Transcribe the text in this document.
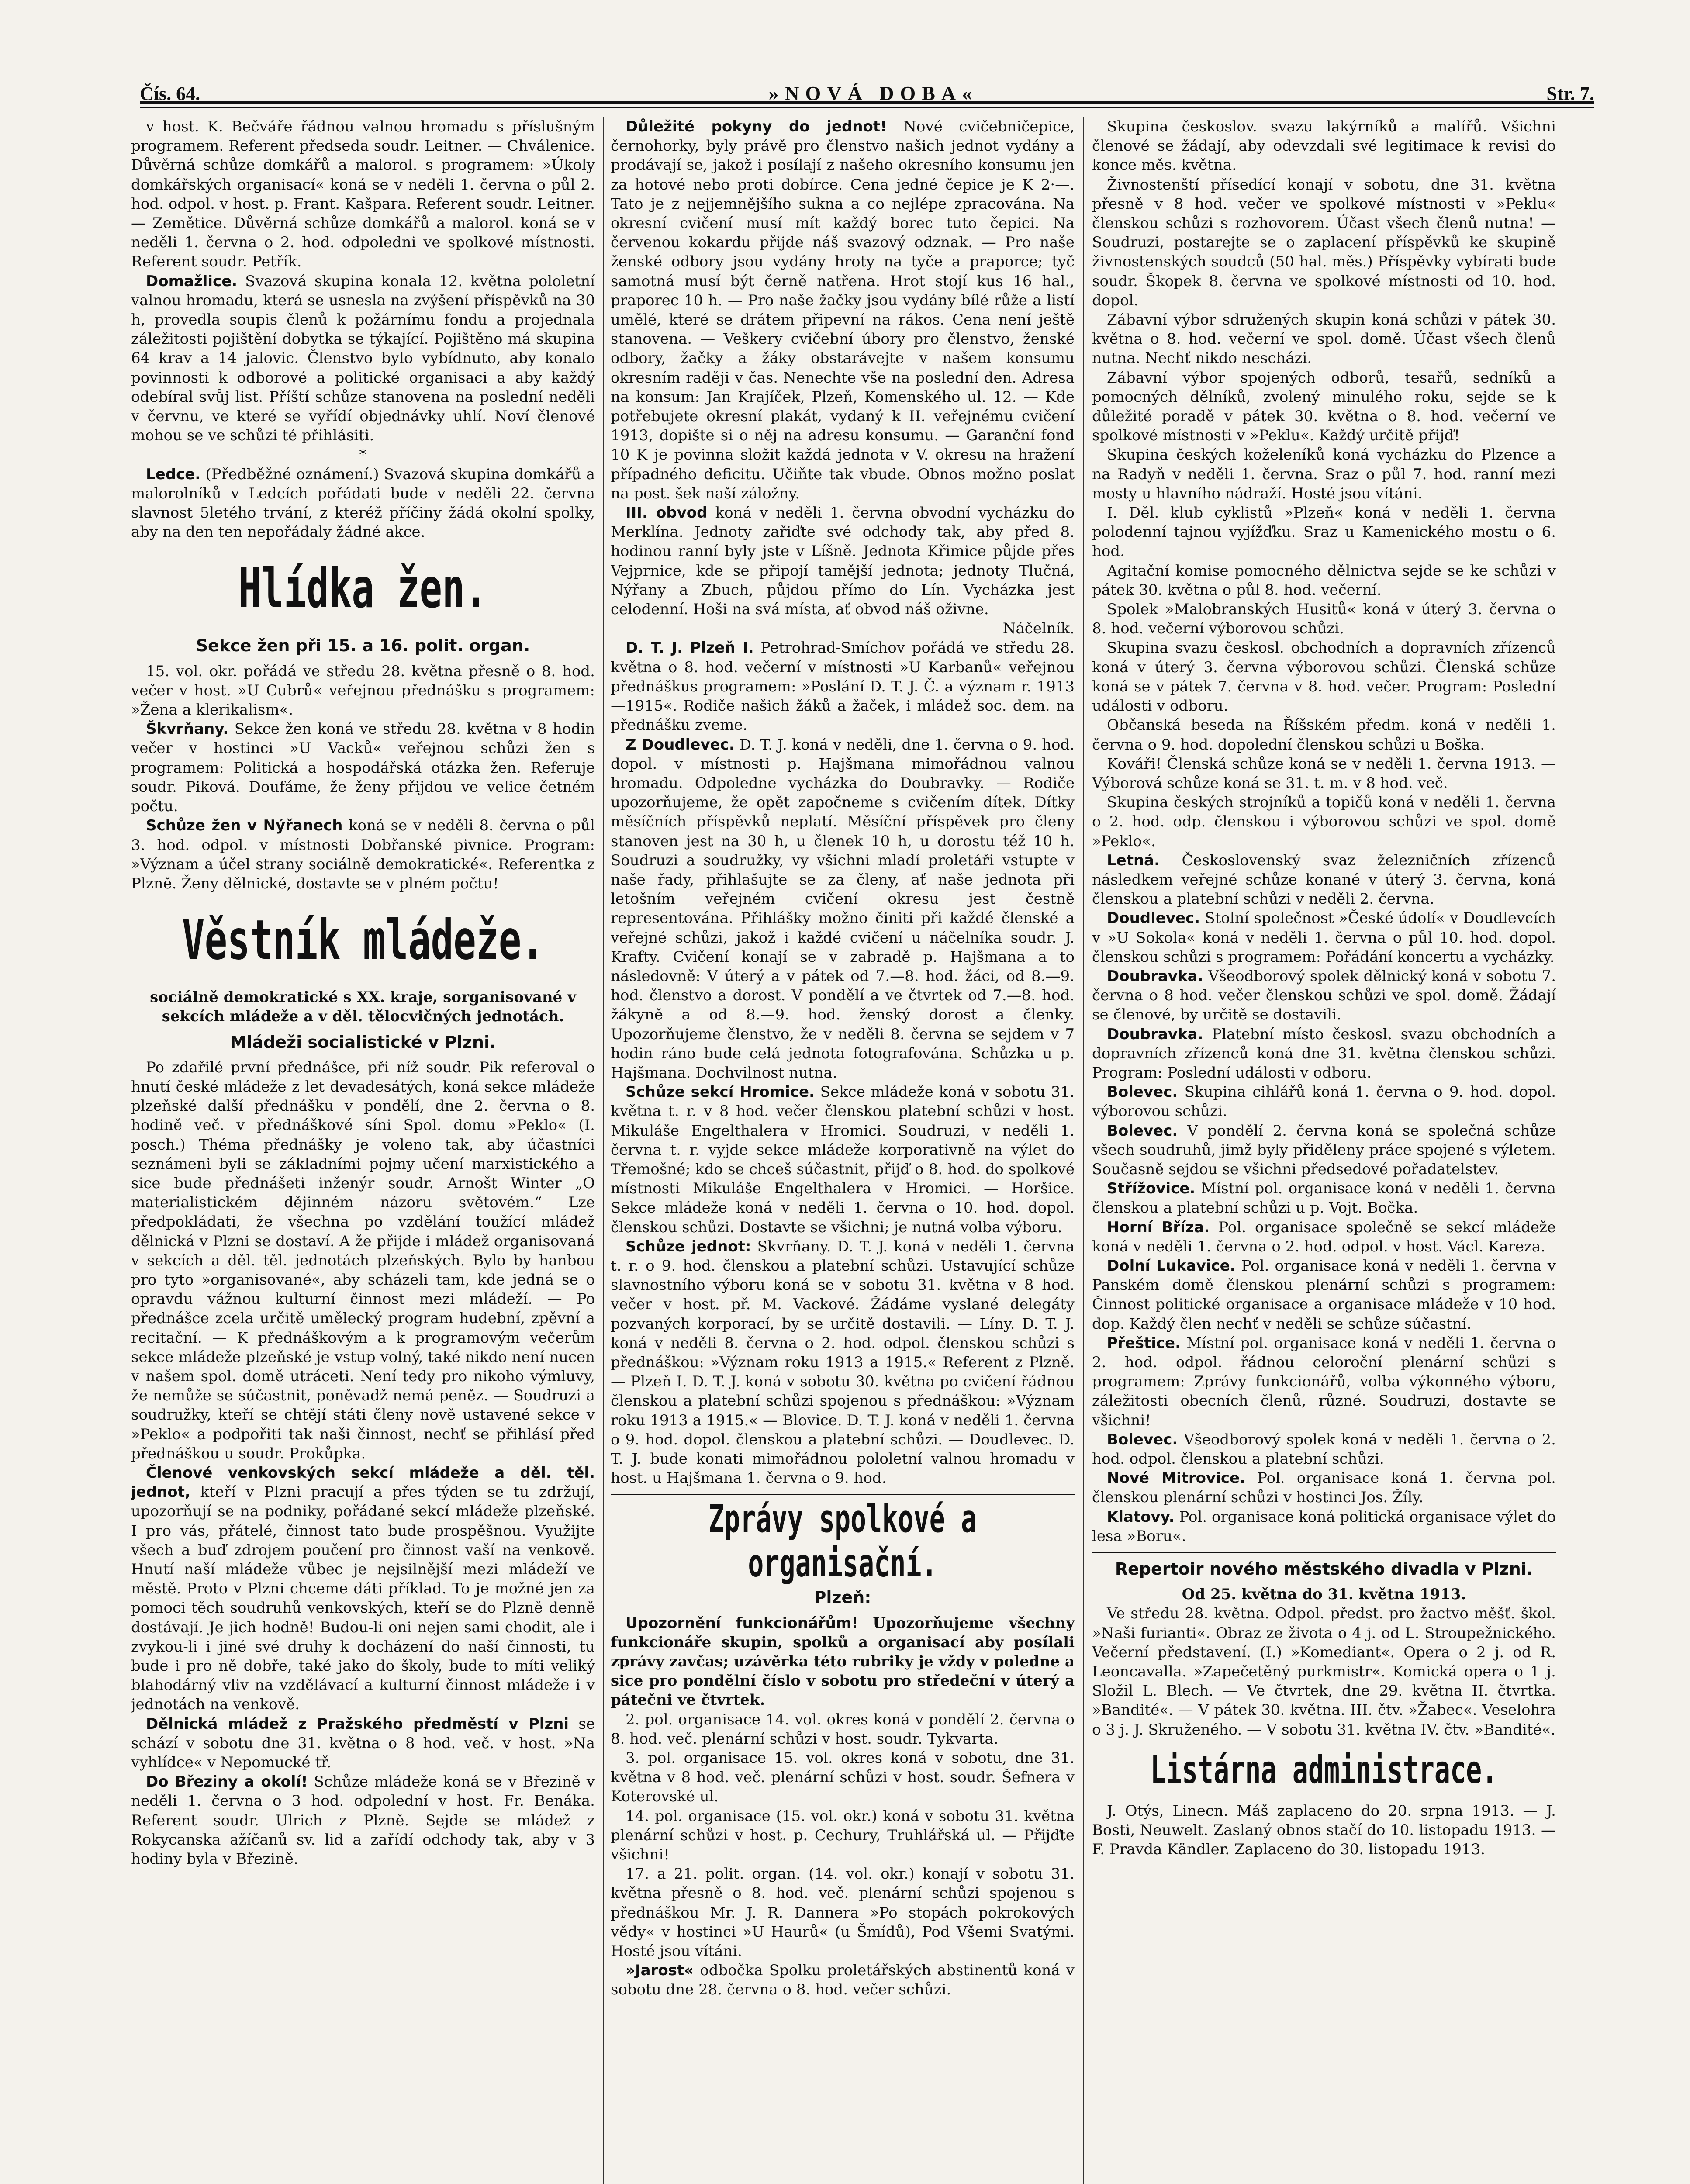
Čís. 64.	»NOVÁ DOBA«	Str. 7.

v host. K. Bečváře řádnou valnou hromadu s příslušným programem. Referent předseda soudr. Leitner. — Chválenice. Důvěrná schůze domkářů a malorol. s programem: »Úkoly domkářských organisací« koná se v neděli 1. června o půl 2. hod. odpol. v host. p. Frant. Kašpara. Referent soudr. Leitner. — Zemětice. Důvěrná schůze domkářů a malorol. koná se v neděli 1. června o 2. hod. odpoledni ve spolkové místnosti. Referent soudr. Petřík.

Domažlice. Svazová skupina konala 12. května pololetní valnou hromadu, která se usnesla na zvýšení příspěvků na 30 h, provedla soupis členů k požárnímu fondu a projednala záležitosti pojištění dobytka se týkající. Pojištěno má skupina 64 krav a 14 jalovic. Členstvo bylo vybídnuto, aby konalo povinnosti k odborové a politické organisaci a aby každý odebíral svůj list. Příští schůze stanovena na poslední neděli v červnu, ve které se vyřídí objednávky uhlí. Noví členové mohou se ve schůzi té přihlásiti.

*

Ledce. (Předběžné oznámení.) Svazová skupina domkářů a malorolníků v Ledcích pořádati bude v neděli 22. června slavnost 5letého trvání, z kteréž příčiny žádá okolní spolky, aby na den ten nepořádaly žádné akce.

Hlídka žen.

Sekce žen při 15. a 16. polit. organ.

15. vol. okr. pořádá ve středu 28. května přesně o 8. hod. večer v host. »U Cubrů« veřejnou přednášku s programem: »Žena a klerikalism«.

Škvrňany. Sekce žen koná ve středu 28. května v 8 hodin večer v hostinci »U Vacků« veřejnou schůzi žen s programem: Politická a hospodářská otázka žen. Referuje soudr. Piková. Doufáme, že ženy přijdou ve velice četném počtu.

Schůze žen v Nýřanech koná se v neděli 8. června o půl 3. hod. odpol. v místnosti Dobřanské pivnice. Program: »Význam a účel strany sociálně demokratické«. Referentka z Plzně. Ženy dělnické, dostavte se v plném počtu!

Věstník mládeže.

sociálně demokratické s XX. kraje, sorganisované v sekcích mládeže a v děl. tělocvičných jednotách.

Mládeži socialistické v Plzni.

Po zdařilé první přednášce, při níž soudr. Pik referoval o hnutí české mládeže z let devadesátých, koná sekce mládeže plzeňské další přednášku v pondělí, dne 2. června o 8. hodině več. v přednáškové síni Spol. domu »Peklo« (I. posch.) Théma přednášky je voleno tak, aby účastníci seznámeni byli se základními pojmy učení marxistického a sice bude přednášeti inženýr soudr. Arnošt Winter „O materialistickém dějinném názoru světovém.“ Lze předpokládati, že všechna po vzdělání toužící mládež dělnická v Plzni se dostaví. A že přijde i mládež organisovaná v sekcích a děl. těl. jednotách plzeňských. Bylo by hanbou pro tyto »organisované«, aby scházeli tam, kde jedná se o opravdu vážnou kulturní činnost mezi mládeží. — Po přednášce zcela určitě umělecký program hudební, zpěvní a recitační. — K přednáškovým a k programovým večerům sekce mládeže plzeňské je vstup volný, také nikdo není nucen v našem spol. domě utráceti. Není tedy pro nikoho výmluvy, že nemůže se súčastnit, poněvadž nemá peněz. — Soudruzi a soudružky, kteří se chtějí státi členy nově ustavené sekce v »Peklo« a podpořiti tak naši činnost, nechť se přihlásí před přednáškou u soudr. Prokůpka.

Členové venkovských sekcí mládeže a děl. těl. jednot, kteří v Plzni pracují a přes týden se tu zdržují, upozorňují se na podniky, pořádané sekcí mládeže plzeňské. I pro vás, přátelé, činnost tato bude prospěšnou. Využijte všech a buď zdrojem poučení pro činnost vaší na venkově. Hnutí naší mládeže vůbec je nejsilnější mezi mládeží ve městě. Proto v Plzni chceme dáti příklad. To je možné jen za pomoci těch soudruhů venkovských, kteří se do Plzně denně dostávají. Je jich hodně! Budou-li oni nejen sami chodit, ale i zvykou-li i jiné své druhy k docházení do naší činnosti, tu bude i pro ně dobře, také jako do školy, bude to míti veliký blahodárný vliv na vzdělávací a kulturní činnost mládeže i v jednotách na venkově.

Dělnická mládež z Pražského předměstí v Plzni se schází v sobotu dne 31. května o 8 hod. več. v host. »Na vyhlídce« v Nepomucké tř.

Do Březiny a okolí! Schůze mládeže koná se v Březině v neděli 1. června o 3 hod. odpolední v host. Fr. Benáka. Referent soudr. Ulrich z Plzně. Sejde se mládež z Rokycanska ažíčanů sv. lid a zařídí odchody tak, aby v 3 hodiny byla v Březině.

Důležité pokyny do jednot! Nové cvičebničepice, černohorky, byly právě pro členstvo našich jednot vydány a prodávají se, jakož i posílají z našeho okresního konsumu jen za hotové nebo proti dobírce. Cena jedné čepice je K 2·—. Tato je z nejjemnějšího sukna a co nejlépe zpracována. Na okresní cvičení musí mít každý borec tuto čepici. Na červenou kokardu přijde náš svazový odznak. — Pro naše ženské odbory jsou vydány hroty na tyče a praporce; tyč samotná musí být černě natřena. Hrot stojí kus 16 hal., praporec 10 h. — Pro naše žačky jsou vydány bílé růže a listí umělé, které se drátem připevní na rákos. Cena není ještě stanovena. — Veškery cvičební úbory pro členstvo, ženské odbory, žačky a žáky obstarávejte v našem konsumu okresním raději v čas. Nenechte vše na poslední den. Adresa na konsum: Jan Krajíček, Plzeň, Komenského ul. 12. — Kde potřebujete okresní plakát, vydaný k II. veřejnému cvičení 1913, dopište si o něj na adresu konsumu. — Garanční fond 10 K je povinna složit každá jednota v V. okresu na hražení případného deficitu. Učiňte tak vbude. Obnos možno poslat na post. šek naší záložny.

III. obvod koná v neděli 1. června obvodní vycházku do Merklína. Jednoty zařiďte své odchody tak, aby před 8. hodinou ranní byly jste v Líšně. Jednota Křimice půjde přes Vejprnice, kde se připojí tamější jednota; jednoty Tlučná, Nýřany a Zbuch, půjdou přímo do Lín. Vycházka jest celodenní. Hoši na svá místa, ať obvod náš oživne.

Náčelník.

D. T. J. Plzeň I. Petrohrad-Smíchov pořádá ve středu 28. května o 8. hod. večerní v místnosti »U Karbanů« veřejnou přednáškus programem: »Poslání D. T. J. Č. a význam r. 1913—1915«. Rodiče našich žáků a žaček, i mládež soc. dem. na přednášku zveme.

Z Doudlevec. D. T. J. koná v neděli, dne 1. června o 9. hod. dopol. v místnosti p. Hajšmana mimořádnou valnou hromadu. Odpoledne vycházka do Doubravky. — Rodiče upozorňujeme, že opět započneme s cvičením dítek. Dítky měsíčních příspěvků neplatí. Měsíční příspěvek pro členy stanoven jest na 30 h, u členek 10 h, u dorostu též 10 h. Soudruzi a soudružky, vy všichni mladí proletáři vstupte v naše řady, přihlašujte se za členy, ať naše jednota při letošním veřejném cvičení okresu jest čestně representována. Přihlášky možno činiti při každé členské a veřejné schůzi, jakož i každé cvičení u náčelníka soudr. J. Krafty. Cvičení konají se v zabradě p. Hajšmana a to následovně: V úterý a v pátek od 7.—8. hod. žáci, od 8.—9. hod. členstvo a dorost. V pondělí a ve čtvrtek od 7.—8. hod. žákyně a od 8.—9. hod. ženský dorost a členky. Upozorňujeme členstvo, že v neděli 8. června se sejdem v 7 hodin ráno bude celá jednota fotografována. Schůzka u p. Hajšmana. Dochvilnost nutna.

Schůze sekcí Hromice. Sekce mládeže koná v sobotu 31. května t. r. v 8 hod. večer členskou platební schůzi v host. Mikuláše Engelthalera v Hromici. Soudruzi, v neděli 1. června t. r. vyjde sekce mládeže korporativně na výlet do Třemošné; kdo se chceš súčastnit, přijď o 8. hod. do spolkové místnosti Mikuláše Engelthalera v Hromici. — Horšice. Sekce mládeže koná v neděli 1. června o 10. hod. dopol. členskou schůzi. Dostavte se všichni; je nutná volba výboru.

Schůze jednot: Skvrňany. D. T. J. koná v neděli 1. června t. r. o 9. hod. členskou a platební schůzi. Ustavující schůze slavnostního výboru koná se v sobotu 31. května v 8 hod. večer v host. př. M. Vackové. Žádáme vyslané delegáty pozvaných korporací, by se určitě dostavili. — Líny. D. T. J. koná v neděli 8. června o 2. hod. odpol. členskou schůzi s přednáškou: »Význam roku 1913 a 1915.« Referent z Plzně. — Plzeň I. D. T. J. koná v sobotu 30. května po cvičení řádnou členskou a platební schůzi spojenou s přednáškou: »Význam roku 1913 a 1915.« — Blovice. D. T. J. koná v neděli 1. června o 9. hod. dopol. členskou a platební schůzi. — Doudlevec. D. T. J. bude konati mimořádnou pololetní valnou hromadu v host. u Hajšmana 1. června o 9. hod.

Zprávy spolkové a organisační.

Plzeň:

Upozornění funkcionářům! Upozorňujeme všechny funkcionáře skupin, spolků a organisací aby posílali zprávy zavčas; uzávěrka této rubriky je vždy v poledne a sice pro pondělní číslo v sobotu pro středeční v úterý a pátečni ve čtvrtek.

2. pol. organisace 14. vol. okres koná v pondělí 2. června o 8. hod. več. plenární schůzi v host. soudr. Tykvarta.

3. pol. organisace 15. vol. okres koná v sobotu, dne 31. května v 8 hod. več. plenární schůzi v host. soudr. Šefnera v Koterovské ul.

14. pol. organisace (15. vol. okr.) koná v sobotu 31. května plenární schůzi v host. p. Cechury, Truhlářská ul. — Přijďte všichni!

17. a 21. polit. organ. (14. vol. okr.) konají v sobotu 31. května přesně o 8. hod. več. plenární schůzi spojenou s přednáškou Mr. J. R. Dannera »Po stopách pokrokových vědy« v hostinci »U Haurů« (u Šmídů), Pod Všemi Svatými. Hosté jsou vítáni.

»Jarost« odbočka Spolku proletářských abstinentů koná v sobotu dne 28. června o 8. hod. večer schůzi.

Skupina českoslov. svazu lakýrníků a malířů. Všichni členové se žádají, aby odevzdali své legitimace k revisi do konce měs. května.

Živnostenští přísedící konají v sobotu, dne 31. května přesně v 8 hod. večer ve spolkové místnosti v »Peklu« členskou schůzi s rozhovorem. Účast všech členů nutna! — Soudruzi, postarejte se o zaplacení příspěvků ke skupině živnostenských soudců (50 hal. měs.) Příspěvky vybírati bude soudr. Škopek 8. června ve spolkové místnosti od 10. hod. dopol.

Zábavní výbor sdružených skupin koná schůzi v pátek 30. května o 8. hod. večerní ve spol. domě. Účast všech členů nutna. Nechť nikdo nescházi.

Zábavní výbor spojených odborů, tesařů, sedníků a pomocných dělníků, zvolený minulého roku, sejde se k důležité poradě v pátek 30. května o 8. hod. večerní ve spolkové místnosti v »Peklu«. Každý určitě přijď!

Skupina českých koželeníků koná vycházku do Plzence a na Radyň v neděli 1. června. Sraz o půl 7. hod. ranní mezi mosty u hlavního nádraží. Hosté jsou vítáni.

I. Děl. klub cyklistů »Plzeň« koná v neděli 1. června polodenní tajnou vyjížďku. Sraz u Kamenického mostu o 6. hod.

Agitační komise pomocného dělnictva sejde se ke schůzi v pátek 30. května o půl 8. hod. večerní.

Spolek »Malobranských Husitů« koná v úterý 3. června o 8. hod. večerní výborovou schůzi.

Skupina svazu českosl. obchodních a dopravních zřízenců koná v úterý 3. června výborovou schůzi. Členská schůze koná se v pátek 7. června v 8. hod. večer. Program: Poslední události v odboru.

Občanská beseda na Říšském předm. koná v neděli 1. června o 9. hod. dopolední členskou schůzi u Boška.

Kováři! Členská schůze koná se v neděli 1. června 1913. — Výborová schůze koná se 31. t. m. v 8 hod. več.

Skupina českých strojníků a topičů koná v neděli 1. června o 2. hod. odp. členskou i výborovou schůzi ve spol. domě »Peklo«.

Letná. Československý svaz železničních zřízenců následkem veřejné schůze konané v úterý 3. června, koná členskou a platební schůzi v neděli 2. června.

Doudlevec. Stolní společnost »České údolí« v Doudlevcích v »U Sokola« koná v neděli 1. června o půl 10. hod. dopol. členskou schůzi s programem: Pořádání koncertu a vycházky.

Doubravka. Všeodborový spolek dělnický koná v sobotu 7. června o 8 hod. večer členskou schůzi ve spol. domě. Žádají se členové, by určitě se dostavili.

Doubravka. Platební místo českosl. svazu obchodních a dopravních zřízenců koná dne 31. května členskou schůzi. Program: Poslední události v odboru.

Bolevec. Skupina cihlářů koná 1. června o 9. hod. dopol. výborovou schůzi.

Bolevec. V pondělí 2. června koná se společná schůze všech soudruhů, jimž byly přiděleny práce spojené s výletem. Současně sejdou se všichni předsedové pořadatelstev.

Střížovice. Místní pol. organisace koná v neděli 1. června členskou a platební schůzi u p. Vojt. Bočka.

Horní Bříza. Pol. organisace společně se sekcí mládeže koná v neděli 1. června o 2. hod. odpol. v host. Václ. Kareza.

Dolní Lukavice. Pol. organisace koná v neděli 1. června v Panském domě členskou plenární schůzi s programem: Činnost politické organisace a organisace mládeže v 10 hod. dop. Každý člen nechť v neděli se schůze súčastní.

Přeštice. Místní pol. organisace koná v neděli 1. června o 2. hod. odpol. řádnou celoroční plenární schůzi s programem: Zprávy funkcionářů, volba výkonného výboru, záležitosti obecních členů, různé. Soudruzi, dostavte se všichni!

Bolevec. Všeodborový spolek koná v neděli 1. června o 2. hod. odpol. členskou a platební schůzi.

Nové Mitrovice. Pol. organisace koná 1. června pol. členskou plenární schůzi v hostinci Jos. Žíly.

Klatovy. Pol. organisace koná politická organisace výlet do lesa »Boru«.

Repertoir nového městského divadla v Plzni.

Od 25. května do 31. května 1913.

Ve středu 28. května. Odpol. předst. pro žactvo měšť. škol. »Naši furianti«. Obraz ze života o 4 j. od L. Stroupežnického. Večerní představení. (I.) »Komediant«. Opera o 2 j. od R. Leoncavalla. »Zapečetěný purkmistr«. Komická opera o 1 j. Složil L. Blech. — Ve čtvrtek, dne 29. května II. čtvrtka. »Bandité«. — V pátek 30. května. III. čtv. »Žabec«. Veselohra o 3 j. J. Skruženého. — V sobotu 31. května IV. čtv. »Bandité«.

Listárna administrace.

J. Otýs, Linecn. Máš zaplaceno do 20. srpna 1913. — J. Bosti, Neuwelt. Zaslaný obnos stačí do 10. listopadu 1913. — F. Pravda Kändler. Zaplaceno do 30. listopadu 1913.
